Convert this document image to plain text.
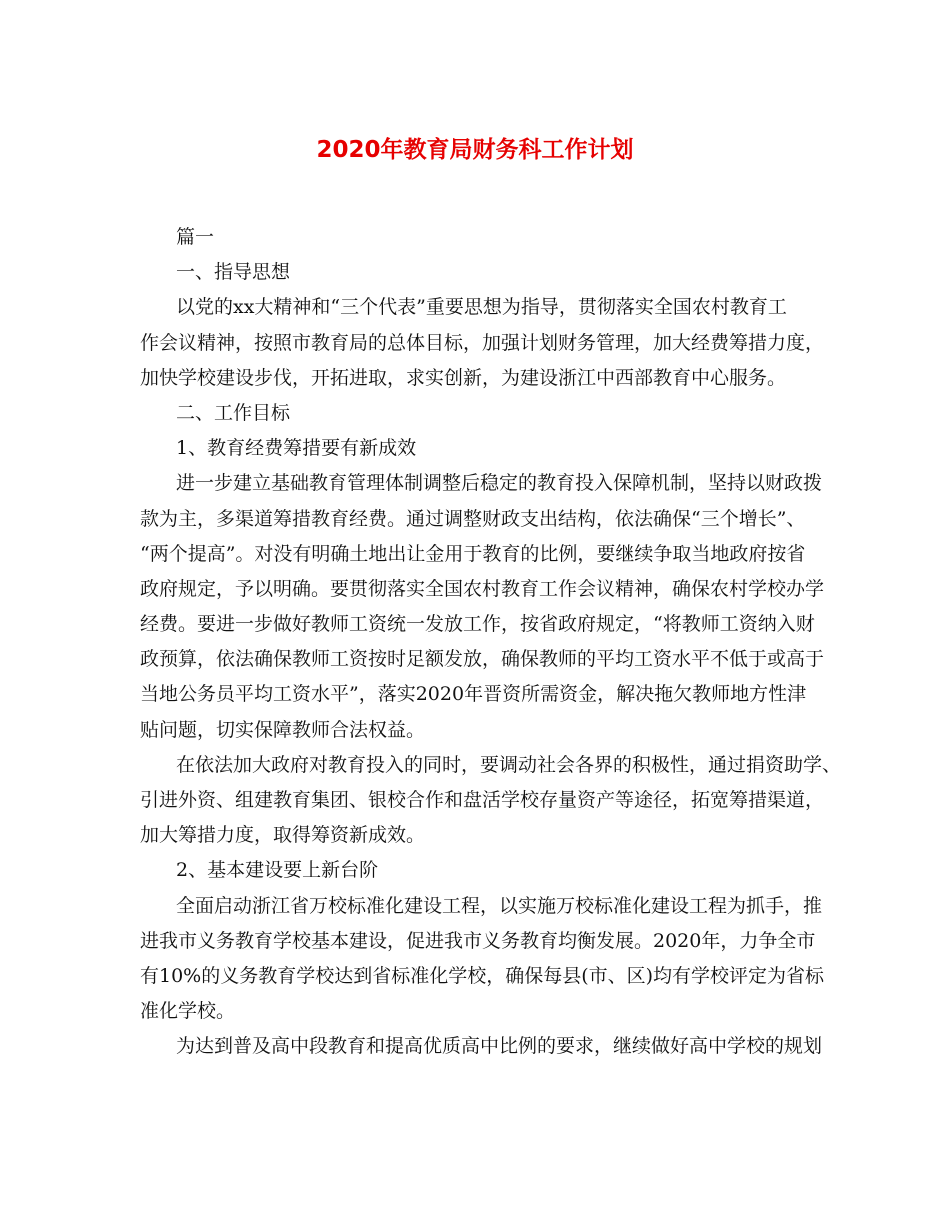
2020年教育局财务科工作计划

篇一

一、指导思想

以党的xx大精神和“三个代表”重要思想为指导，贯彻落实全国农村教育工

作会议精神，按照市教育局的总体目标，加强计划财务管理，加大经费筹措力度，

加快学校建设步伐，开拓进取，求实创新，为建设浙江中西部教育中心服务。

二、工作目标

1、教育经费筹措要有新成效

进一步建立基础教育管理体制调整后稳定的教育投入保障机制，坚持以财政拨

款为主，多渠道筹措教育经费。通过调整财政支出结构，依法确保“三个增长”、

“两个提高”。对没有明确土地出让金用于教育的比例，要继续争取当地政府按省

政府规定，予以明确。要贯彻落实全国农村教育工作会议精神，确保农村学校办学

经费。要进一步做好教师工资统一发放工作，按省政府规定，“将教师工资纳入财

政预算，依法确保教师工资按时足额发放，确保教师的平均工资水平不低于或高于

当地公务员平均工资水平”，落实2020年晋资所需资金，解决拖欠教师地方性津

贴问题，切实保障教师合法权益。

在依法加大政府对教育投入的同时，要调动社会各界的积极性，通过捐资助学、

引进外资、组建教育集团、银校合作和盘活学校存量资产等途径，拓宽筹措渠道，

加大筹措力度，取得筹资新成效。

2、基本建设要上新台阶

全面启动浙江省万校标准化建设工程，以实施万校标准化建设工程为抓手，推

进我市义务教育学校基本建设，促进我市义务教育均衡发展。2020年，力争全市

有10%的义务教育学校达到省标准化学校，确保每县(市、区)均有学校评定为省标

准化学校。

为达到普及高中段教育和提高优质高中比例的要求，继续做好高中学校的规划
